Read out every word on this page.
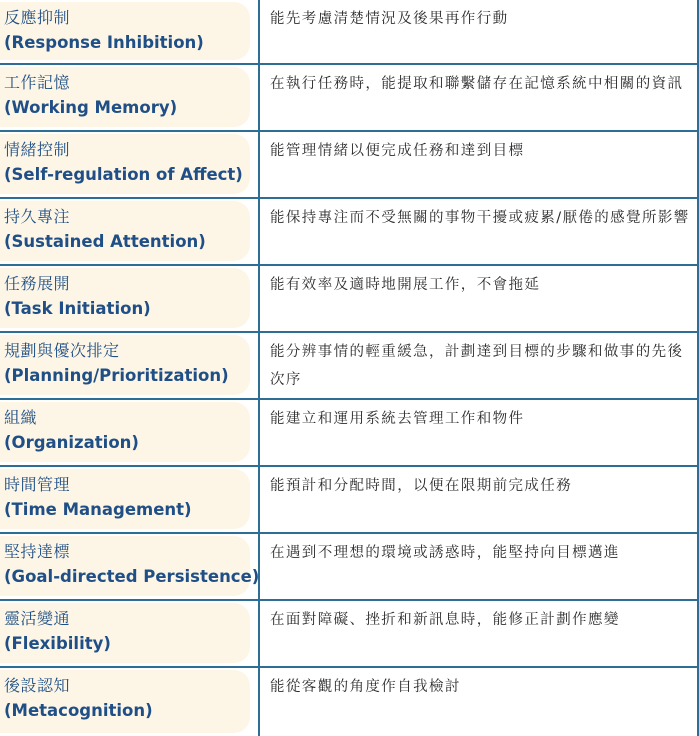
反應抑制
(Response Inhibition)
能先考慮清楚情況及後果再作行動
工作記憶
(Working Memory)
在執行任務時，能提取和聯繫儲存在記憶系統中相關的資訊
情緒控制
(Self-regulation of Affect)
能管理情緒以便完成任務和達到目標
持久專注
(Sustained Attention)
能保持專注而不受無關的事物干擾或疲累/厭倦的感覺所影響
任務展開
(Task Initiation)
能有效率及適時地開展工作，不會拖延
規劃與優次排定
(Planning/Prioritization)
能分辨事情的輕重緩急，計劃達到目標的步驟和做事的先後次序
組織
(Organization)
能建立和運用系統去管理工作和物件
時間管理
(Time Management)
能預計和分配時間，以便在限期前完成任務
堅持達標
(Goal-directed Persistence)
在遇到不理想的環境或誘惑時，能堅持向目標邁進
靈活變通
(Flexibility)
在面對障礙、挫折和新訊息時，能修正計劃作應變
後設認知
(Metacognition)
能從客觀的角度作自我檢討
